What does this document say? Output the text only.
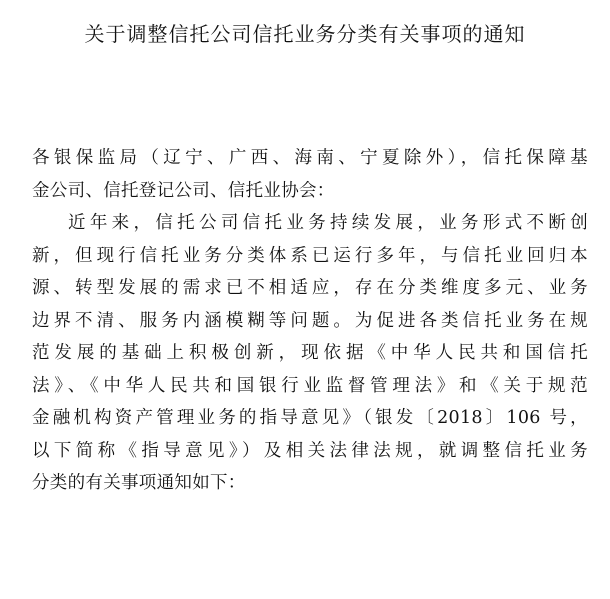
关于调整信托公司信托业务分类有关事项的通知
各银保监局（辽宁、广西、海南、宁夏除外），信托保障基
金公司、信托登记公司、信托业协会：
近年来，信托公司信托业务持续发展，业务形式不断创
新，但现行信托业务分类体系已运行多年，与信托业回归本
源、转型发展的需求已不相适应，存在分类维度多元、业务
边界不清、服务内涵模糊等问题。为促进各类信托业务在规
范发展的基础上积极创新，现依据《中华人民共和国信托
法》、《中华人民共和国银行业监督管理法》和《关于规范
金融机构资产管理业务的指导意见》（银发〔2018〕106 号，
以下简称《指导意见》）及相关法律法规，就调整信托业务
分类的有关事项通知如下：
